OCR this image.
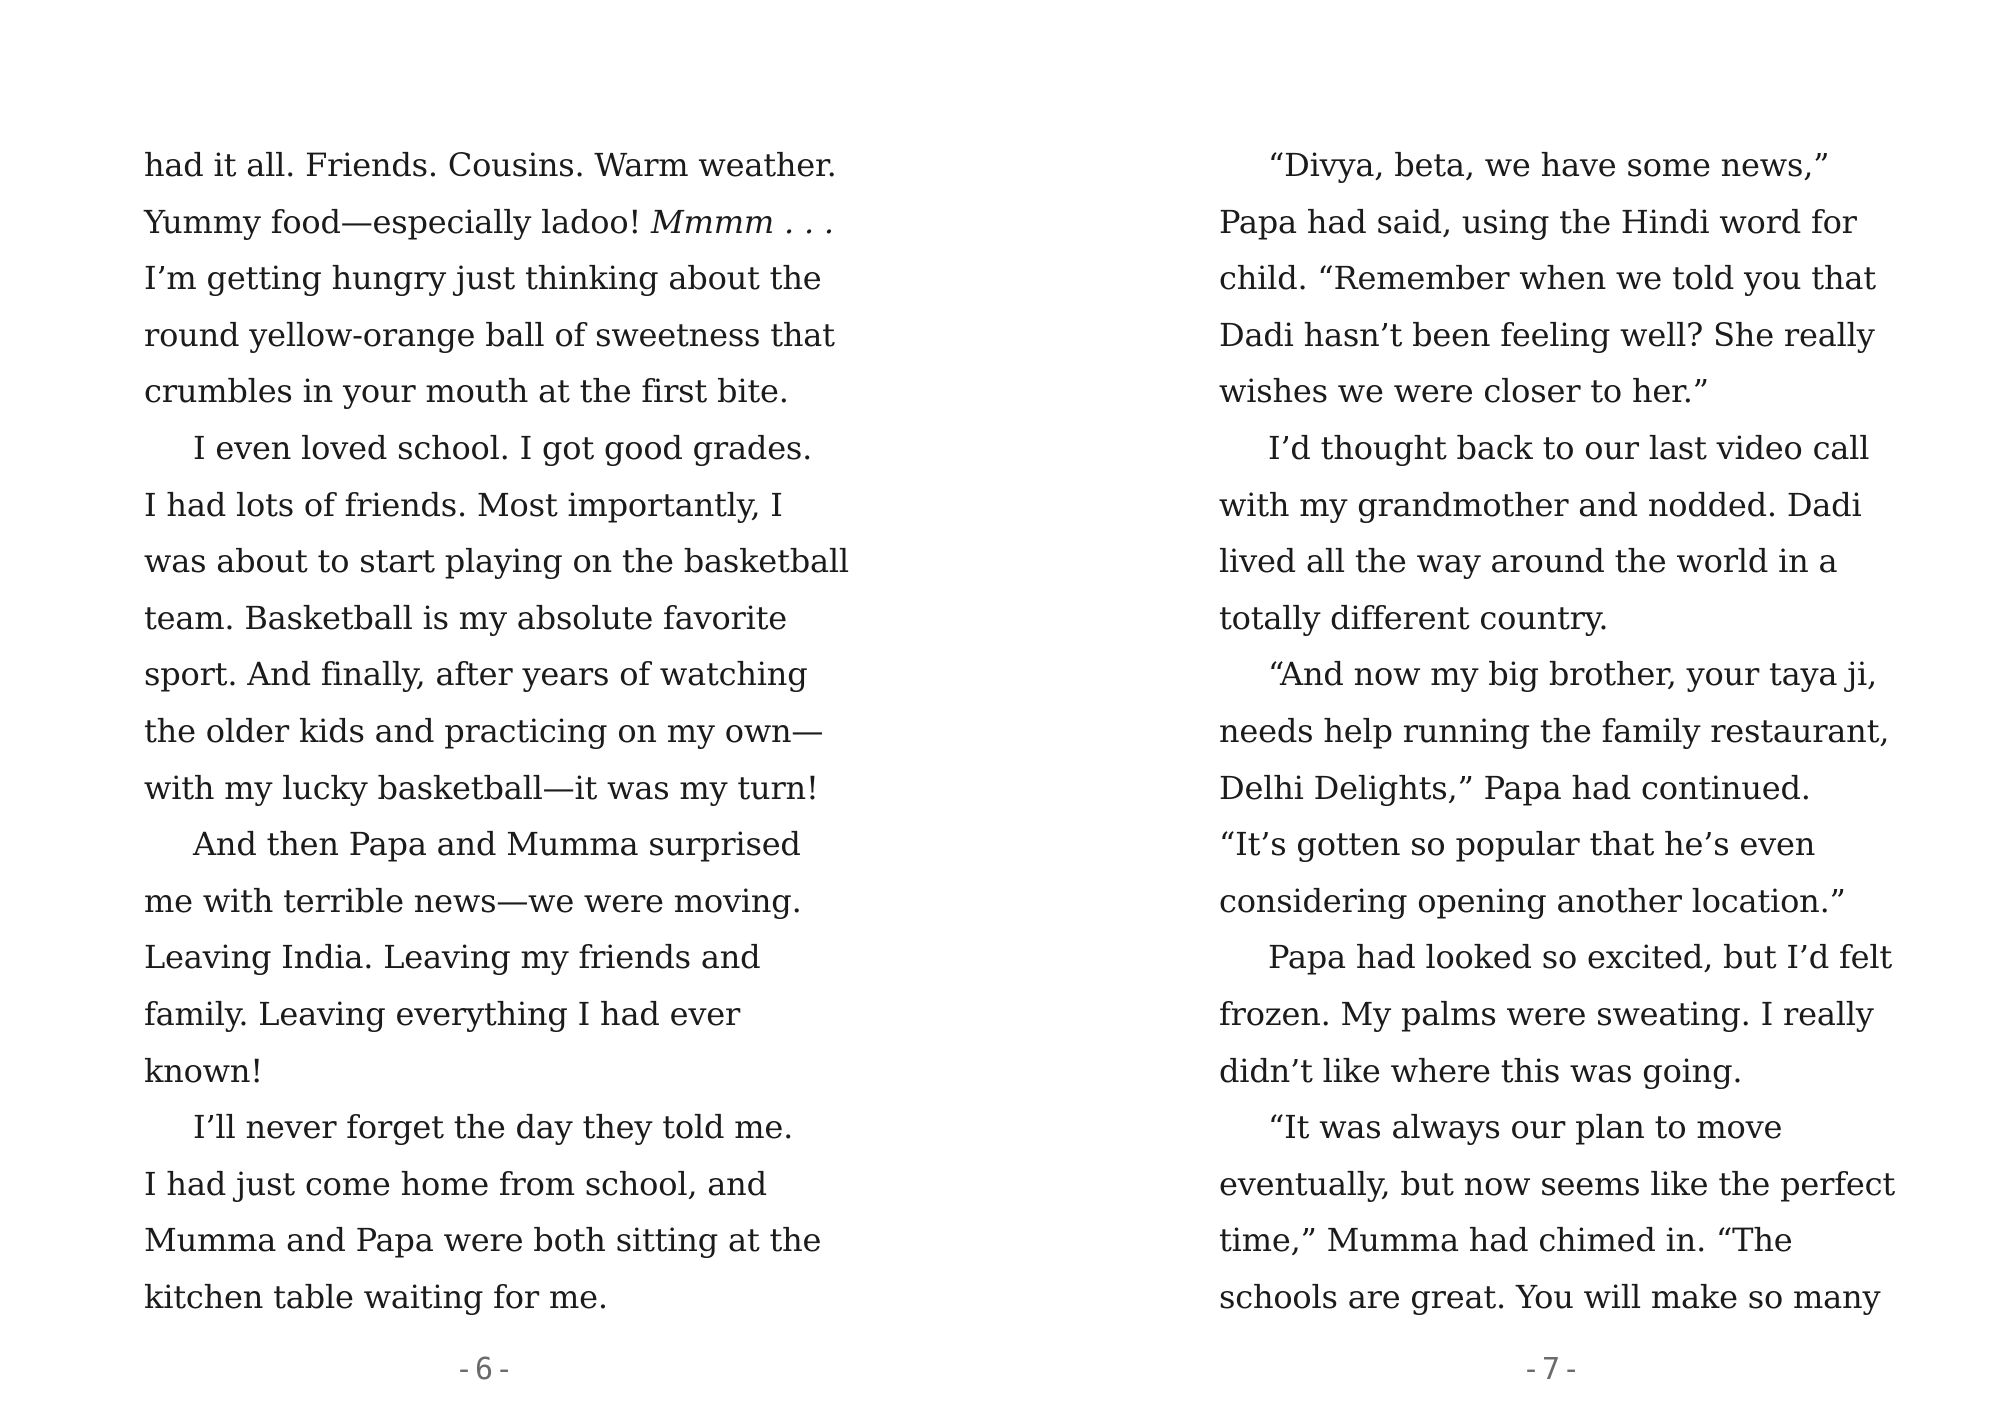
had it all. Friends. Cousins. Warm weather.
Yummy food—especially ladoo! Mmmm . . .
I’m getting hungry just thinking about the
round yellow-orange ball of sweetness that
crumbles in your mouth at the first bite.
I even loved school. I got good grades.
I had lots of friends. Most importantly, I
was about to start playing on the basketball
team. Basketball is my absolute favorite
sport. And finally, after years of watching
the older kids and practicing on my own—
with my lucky basketball—it was my turn!
And then Papa and Mumma surprised
me with terrible news—we were moving.
Leaving India. Leaving my friends and
family. Leaving everything I had ever
known!
I’ll never forget the day they told me.
I had just come home from school, and
Mumma and Papa were both sitting at the
kitchen table waiting for me.
“Divya, beta, we have some news,”
Papa had said, using the Hindi word for
child. “Remember when we told you that
Dadi hasn’t been feeling well? She really
wishes we were closer to her.”
I’d thought back to our last video call
with my grandmother and nodded. Dadi
lived all the way around the world in a
totally different country.
“And now my big brother, your taya ji,
needs help running the family restaurant,
Delhi Delights,” Papa had continued.
“It’s gotten so popular that he’s even
considering opening another location.”
Papa had looked so excited, but I’d felt
frozen. My palms were sweating. I really
didn’t like where this was going.
“It was always our plan to move
eventually, but now seems like the perfect
time,” Mumma had chimed in. “The
schools are great. You will make so many
-6-	-7-
